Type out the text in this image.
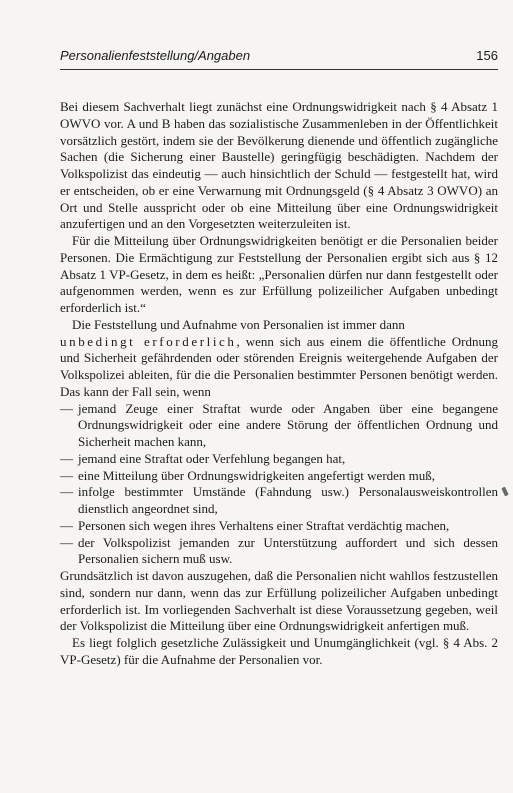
Personalienfeststellung/Angaben	156

Bei diesem Sachverhalt liegt zunächst eine Ordnungswidrigkeit nach § 4 Absatz 1 OWVO vor. A und B haben das sozialistische Zusammenleben in der Öffentlichkeit vorsätzlich gestört, indem sie der Bevölkerung dienende und öffentlich zugängliche Sachen (die Sicherung einer Baustelle) geringfügig beschädigten. Nachdem der Volkspolizist das eindeutig — auch hinsichtlich der Schuld — festgestellt hat, wird er entscheiden, ob er eine Verwarnung mit Ordnungsgeld (§ 4 Absatz 3 OWVO) an Ort und Stelle ausspricht oder ob eine Mitteilung über eine Ordnungswidrigkeit anzufertigen und an den Vorgesetzten weiterzuleiten ist.

Für die Mitteilung über Ordnungswidrigkeiten benötigt er die Personalien beider Personen. Die Ermächtigung zur Feststellung der Personalien ergibt sich aus § 12 Absatz 1 VP-Gesetz, in dem es heißt: „Personalien dürfen nur dann festgestellt oder aufgenommen werden, wenn es zur Erfüllung polizeilicher Aufgaben unbedingt erforderlich ist.“

Die Feststellung und Aufnahme von Personalien ist immer dann
unbedingt erforderlich, wenn sich aus einem die öffentliche Ordnung und Sicherheit gefährdenden oder störenden Ereignis weitergehende Aufgaben der Volkspolizei ableiten, für die die Personalien bestimmter Personen benötigt werden. Das kann der Fall sein, wenn

— jemand Zeuge einer Straftat wurde oder Angaben über eine begangene Ordnungswidrigkeit oder eine andere Störung der öffentlichen Ordnung und Sicherheit machen kann,
— jemand eine Straftat oder Verfehlung begangen hat,
— eine Mitteilung über Ordnungswidrigkeiten angefertigt werden muß,
— infolge bestimmter Umstände (Fahndung usw.) Personalausweiskontrollen dienstlich angeordnet sind,
— Personen sich wegen ihres Verhaltens einer Straftat verdächtig machen,
— der Volkspolizist jemanden zur Unterstützung auffordert und sich dessen Personalien sichern muß usw.

Grundsätzlich ist davon auszugehen, daß die Personalien nicht wahllos festzustellen sind, sondern nur dann, wenn das zur Erfüllung polizeilicher Aufgaben unbedingt erforderlich ist. Im vorliegenden Sachverhalt ist diese Voraussetzung gegeben, weil der Volkspolizist die Mitteilung über eine Ordnungswidrigkeit anfertigen muß.

Es liegt folglich gesetzliche Zulässigkeit und Unumgänglichkeit (vgl. § 4 Abs. 2 VP-Gesetz) für die Aufnahme der Personalien vor.
